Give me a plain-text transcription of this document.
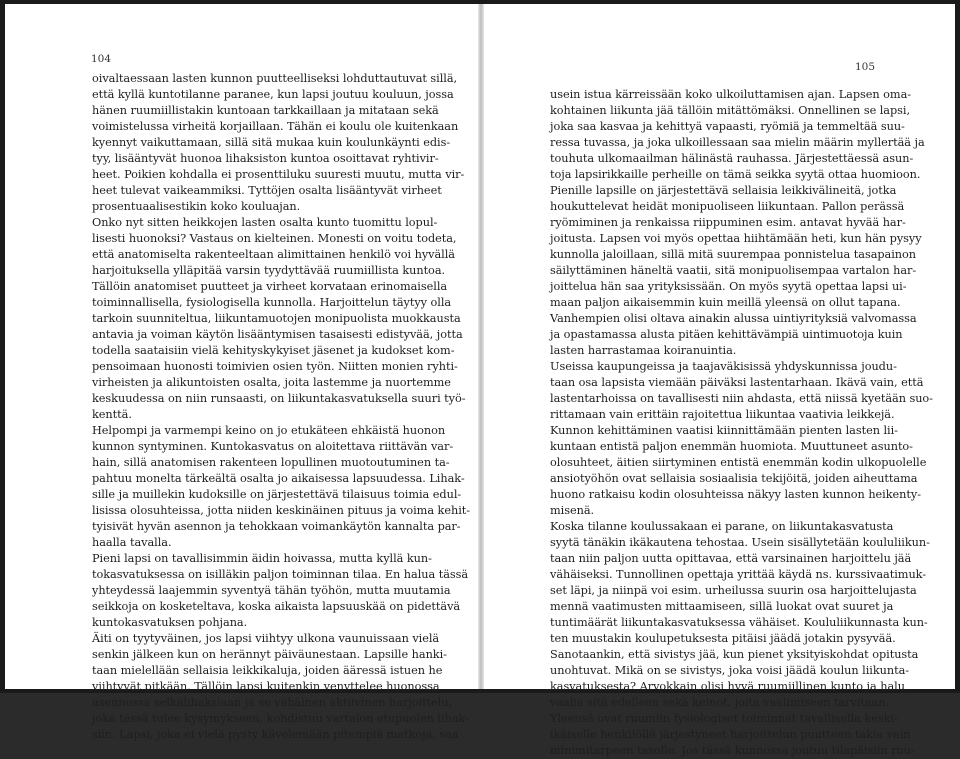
104
oivaltaessaan lasten kunnon puutteelliseksi lohduttautuvat sillä,
että kyllä kuntotilanne paranee, kun lapsi joutuu kouluun, jossa
hänen ruumiillistakin kuntoaan tarkkaillaan ja mitataan sekä
voimistelussa virheitä korjaillaan. Tähän ei koulu ole kuitenkaan
kyennyt vaikuttamaan, sillä sitä mukaa kuin koulunkäynti edis-
tyy, lisääntyvät huonoa lihaksiston kuntoa osoittavat ryhtivir-
heet. Poikien kohdalla ei prosenttiluku suuresti muutu, mutta vir-
heet tulevat vaikeammiksi. Tyttöjen osalta lisääntyvät virheet
prosentuaalisestikin koko kouluajan.
Onko nyt sitten heikkojen lasten osalta kunto tuomittu lopul-
lisesti huonoksi? Vastaus on kielteinen. Monesti on voitu todeta,
että anatomiselta rakenteeltaan alimittainen henkilö voi hyvällä
harjoituksella ylläpitää varsin tyydyttävää ruumiillista kuntoa.
Tällöin anatomiset puutteet ja virheet korvataan erinomaisella
toiminnallisella, fysiologisella kunnolla. Harjoittelun täytyy olla
tarkoin suunniteltua, liikuntamuotojen monipuolista muokkausta
antavia ja voiman käytön lisääntymisen tasaisesti edistyvää, jotta
todella saataisiin vielä kehityskykyiset jäsenet ja kudokset kom-
pensoimaan huonosti toimivien osien työn. Niitten monien ryhti-
virheisten ja alikuntoisten osalta, joita lastemme ja nuortemme
keskuudessa on niin runsaasti, on liikuntakasvatuksella suuri työ-
kenttä.
Helpompi ja varmempi keino on jo etukäteen ehkäistä huonon
kunnon syntyminen. Kuntokasvatus on aloitettava riittävän var-
hain, sillä anatomisen rakenteen lopullinen muotoutuminen ta-
pahtuu monelta tärkeältä osalta jo aikaisessa lapsuudessa. Lihak-
sille ja muillekin kudoksille on järjestettävä tilaisuus toimia edul-
lisissa olosuhteissa, jotta niiden keskinäinen pituus ja voima kehit-
tyisivät hyvän asennon ja tehokkaan voimankäytön kannalta par-
haalla tavalla.
Pieni lapsi on tavallisimmin äidin hoivassa, mutta kyllä kun-
tokasvatuksessa on isilläkin paljon toiminnan tilaa. En halua tässä
yhteydessä laajemmin syventyä tähän työhön, mutta muutamia
seikkoja on kosketeltava, koska aikaista lapsuuskää on pidettävä
kuntokasvatuksen pohjana.
Äiti on tyytyväinen, jos lapsi viihtyy ulkona vaunuissaan vielä
senkin jälkeen kun on herännyt päiväunestaan. Lapsille hanki-
taan mielellään sellaisia leikkikaluja, joiden ääressä istuen he
viihtyvät pitkään. Tällöin lapsi kuitenkin venyttelee huonossa
asennossa selkälihaksiaan ja se vähäinen aktiivinen harjoittelu,
joka tässä tulee kysymykseen, kohdistuu vartalon etupuolen lihak-
siin. Lapsi, joka ei vielä pysty kävelemään pitempiä matkoja, saa
105
usein istua kärreissään koko ulkoiluttamisen ajan. Lapsen oma-
kohtainen liikunta jää tällöin mitättömäksi. Onnellinen se lapsi,
joka saa kasvaa ja kehittyä vapaasti, ryömiä ja temmeltää suu-
ressa tuvassa, ja joka ulkoillessaan saa mielin määrin myllertää ja
touhuta ulkomaailman hälinästä rauhassa. Järjestettäessä asun-
toja lapsirikkaille perheille on tämä seikka syytä ottaa huomioon.
Pienille lapsille on järjestettävä sellaisia leikkivälineitä, jotka
houkuttelevat heidät monipuoliseen liikuntaan. Pallon perässä
ryömiminen ja renkaissa riippuminen esim. antavat hyvää har-
joitusta. Lapsen voi myös opettaa hiihtämään heti, kun hän pysyy
kunnolla jaloillaan, sillä mitä suurempaa ponnistelua tasapainon
säilyttäminen häneltä vaatii, sitä monipuolisempaa vartalon har-
joittelua hän saa yrityksissään. On myös syytä opettaa lapsi ui-
maan paljon aikaisemmin kuin meillä yleensä on ollut tapana.
Vanhempien olisi oltava ainakin alussa uintiyrityksiä valvomassa
ja opastamassa alusta pitäen kehittävämpiä uintimuotoja kuin
lasten harrastamaa koiranuintia.
Useissa kaupungeissa ja taajaväkisissä yhdyskunnissa joudu-
taan osa lapsista viemään päiväksi lastentarhaan. Ikävä vain, että
lastentarhoissa on tavallisesti niin ahdasta, että niissä kyetään suo-
rittamaan vain erittäin rajoitettua liikuntaa vaativia leikkejä.
Kunnon kehittäminen vaatisi kiinnittämään pienten lasten lii-
kuntaan entistä paljon enemmän huomiota. Muuttuneet asunto-
olosuhteet, äitien siirtyminen entistä enemmän kodin ulkopuolelle
ansiotyöhön ovat sellaisia sosiaalisia tekijöitä, joiden aiheuttama
huono ratkaisu kodin olosuhteissa näkyy lasten kunnon heikenty-
misenä.
Koska tilanne koulussakaan ei parane, on liikuntakasvatusta
syytä tänäkin ikäkautena tehostaa. Usein sisällytetään koululiikun-
taan niin paljon uutta opittavaa, että varsinainen harjoittelu jää
vähäiseksi. Tunnollinen opettaja yrittää käydä ns. kurssivaatimuk-
set läpi, ja niinpä voi esim. urheilussa suurin osa harjoittelujasta
mennä vaatimusten mittaamiseen, sillä luokat ovat suuret ja
tuntimäärät liikuntakasvatuksessa vähäiset. Koululiikunnasta kun-
ten muustakin koulupetuksesta pitäisi jäädä jotakin pysyvää.
Sanotaankin, että sivistys jää, kun pienet yksityiskohdat opitusta
unohtuvat. Mikä on se sivistys, joka voisi jäädä koulun liikunta-
kasvatuksesta? Arvokkain olisi hyvä ruumiillinen kunto ja halu
vaalia sitä edelleen sekä keinot, joita vaalimiseen tarvitaan.
Yleensä ovat ruumiin fysiologiset toiminnat tavallisella keski-
ikäiselle henkilöllä järjestyneet harjoittelun puutteen takia vain
minimitarpeen tasolle. Jos tässä kunnossa joutuu tilapäisiin ruu-
